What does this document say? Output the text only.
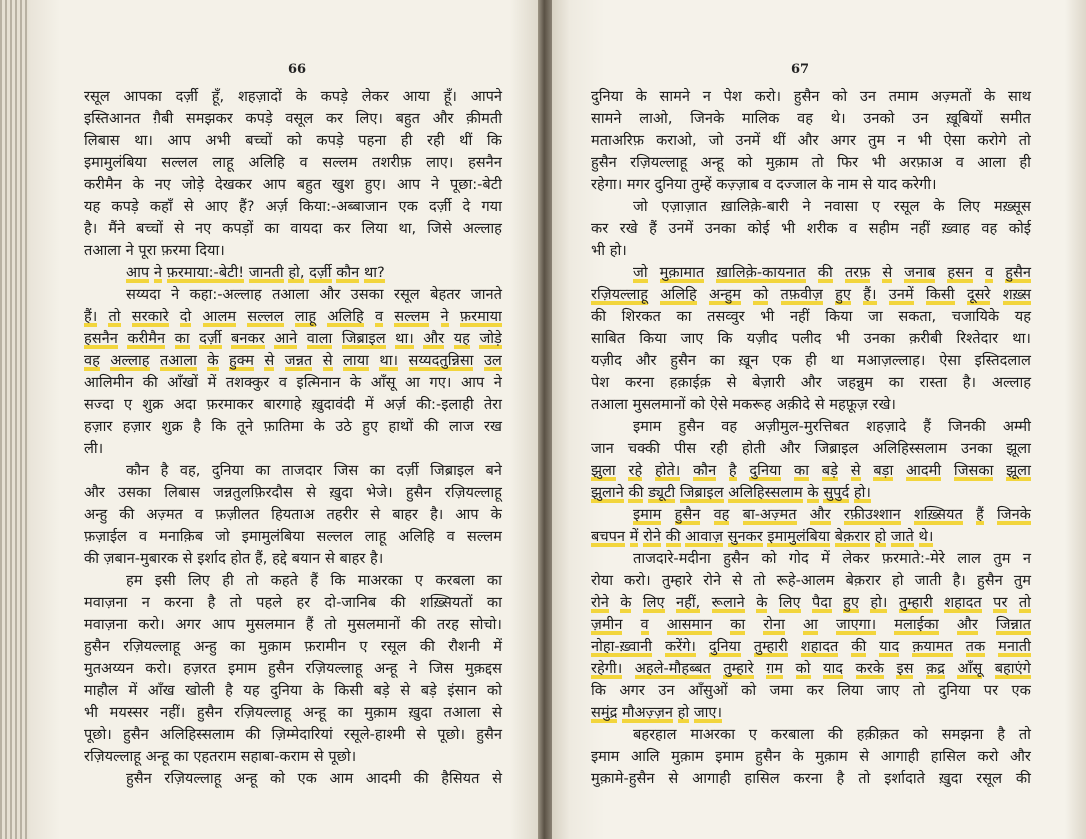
66
रसूल आपका दर्ज़ी हूँ, शहज़ादों के कपड़े लेकर आया हूँ। आपने
इस्तिआनत ग़ैबी समझकर कपड़े वसूल कर लिए। बहुत और क़ीमती
लिबास था। आप अभी बच्चों को कपड़े पहना ही रही थीं कि
इमामुलंबिया सल्लल लाहू अलिहि व सल्लम तशरीफ़ लाए। हसनैन
करीमैन के नए जोड़े देखकर आप बहुत खुश हुए। आप ने पूछा:-बेटी
यह कपड़े कहाँ से आए हैं? अर्ज़ किया:-अब्बाजान एक दर्ज़ी दे गया
है। मैंने बच्चों से नए कपड़ों का वायदा कर लिया था, जिसे अल्लाह
तआला ने पूरा फ़रमा दिया।
आप ने फ़रमाया:-बेटी! जानती हो, दर्ज़ी कौन था?
सय्यदा ने कहा:-अल्लाह तआला और उसका रसूल बेहतर जानते
हैं। तो सरकारे दो आलम सल्लल लाहू अलिहि व सल्लम ने फ़रमाया
हसनैन करीमैन का दर्ज़ी बनकर आने वाला जिब्राइल था। और यह जोड़े
वह अल्लाह तआला के हुक्म से जन्नत से लाया था। सय्यदतुन्निसा उल
आलिमीन की आँखों में तशक्कुर व इत्मिनान के आँसू आ गए। आप ने
सज्दा ए शुक्र अदा फ़रमाकर बारगाहे ख़ुदावंदी में अर्ज़ की:-इलाही तेरा
हज़ार हज़ार शुक्र है कि तूने फ़ातिमा के उठे हुए हाथों की लाज रख
ली।
कौन है वह, दुनिया का ताजदार जिस का दर्ज़ी जिब्राइल बने
और उसका लिबास जन्नतुलफ़िरदौस से ख़ुदा भेजे। हुसैन रज़ियल्लाहू
अन्हु की अज़्मत व फ़ज़ीलत हियताअ तहरीर से बाहर है। आप के
फ़ज़ाईल व मनाक़िब जो इमामुलंबिया सल्लल लाहू अलिहि व सल्लम
की ज़बान-मुबारक से इर्शाद होत हैं, हद्दे बयान से बाहर है।
हम इसी लिए ही तो कहते हैं कि माअरका ए करबला का
मवाज़ना न करना है तो पहले हर दो-जानिब की शख़्सियतों का
मवाज़ना करो। अगर आप मुसलमान हैं तो मुसलमानों की तरह सोचो।
हुसैन रज़ियल्लाहू अन्हु का मुक़ाम फ़रामीन ए रसूल की रौशनी में
मुतअय्यन करो। हज़रत इमाम हुसैन रज़ियल्लाहू अन्हू ने जिस मुक़द्दस
माहौल में आँख खोली है यह दुनिया के किसी बड़े से बड़े इंसान को
भी मयस्सर नहीं। हुसैन रज़ियल्लाहू अन्हू का मुक़ाम ख़ुदा तआला से
पूछो। हुसैन अलिहिस्सलाम की ज़िम्मेदारियां रसूले-हाश्मी से पूछो। हुसैन
रज़ियल्लाहू अन्हू का एहतराम सहाबा-कराम से पूछो।
हुसैन रज़ियल्लाहू अन्हू को एक आम आदमी की हैसियत से
67
दुनिया के सामने न पेश करो। हुसैन को उन तमाम अज़्मतों के साथ
सामने लाओ, जिनके मालिक वह थे। उनको उन ख़ूबियों समीत
मताअरिफ़ कराओ, जो उनमें थीं और अगर तुम न भी ऐसा करोगे तो
हुसैन रज़ियल्लाहू अन्हू को मुक़ाम तो फिर भी अरफ़ाअ व आला ही
रहेगा। मगर दुनिया तुम्हें कज़्ज़ाब व दज्जाल के नाम से याद करेगी।
जो एज़ाज़ात ख़ालिक़े-बारी ने नवासा ए रसूल के लिए मख़्सूस
कर रखे हैं उनमें उनका कोई भी शरीक व सहीम नहीं ख़्वाह वह कोई
भी हो।
जो मुक़ामात ख़ालिक़े-कायनात की तरफ़ से जनाब हसन व हुसैन
रज़ियल्लाहू अलिहि अन्हुम को तफ़वीज़ हुए हैं। उनमें किसी दूसरे शख़्स
की शिरकत का तसव्वुर भी नहीं किया जा सकता, चजायिके यह
साबित किया जाए कि यज़ीद पलीद भी उनका क़रीबी रिश्तेदार था।
यज़ीद और हुसैन का ख़ून एक ही था मआज़ल्लाह। ऐसा इस्तिदलाल
पेश करना हक़ाईक़ से बेज़ारी और जहन्नुम का रास्ता है। अल्लाह
तआला मुसलमानों को ऐसे मकरूह अक़ीदे से महफ़ूज़ रखे।
इमाम हुसैन वह अज़ीमुल-मुरत्तिबत शहज़ादे हैं जिनकी अम्मी
जान चक्की पीस रही होती और जिब्राइल अलिहिस्सलाम उनका झूला
झुला रहे होते। कौन है दुनिया का बड़े से बड़ा आदमी जिसका झूला
झुलाने की ड्यूटी जिब्राइल अलिहिस्सलाम के सुपुर्द हो।
इमाम हुसैन वह बा-अज़्मत और रफ़ीउश्शान शख़्सियत हैं जिनके
बचपन में रोने की आवाज़ सुनकर इमामुलंबिया बेक़रार हो जाते थे।
ताजदारे-मदीना हुसैन को गोद में लेकर फ़रमाते:-मेरे लाल तुम न
रोया करो। तुम्हारे रोने से तो रूहे-आलम बेक़रार हो जाती है। हुसैन तुम
रोने के लिए नहीं, रूलाने के लिए पैदा हुए हो। तुम्हारी शहादत पर तो
ज़मीन व आसमान का रोना आ जाएगा। मलाईका और जिन्नात
नोहा-ख़्वानी करेंगे। दुनिया तुम्हारी शहादत की याद क़यामत तक मनाती
रहेगी। अहले-मौहब्बत तुम्हारे ग़म को याद करके इस क़द्र आँसू बहाएंगे
कि अगर उन आँसुओं को जमा कर लिया जाए तो दुनिया पर एक
समुंद्र मौअज़्ज़न हो जाए।
बहरहाल माअरका ए करबाला की हक़ीक़त को समझना है तो
इमाम आलि मुक़ाम इमाम हुसैन के मुक़ाम से आगाही हासिल करो और
मुक़ामे-हुसैन से आगाही हासिल करना है तो इर्शादाते ख़ुदा रसूल की
